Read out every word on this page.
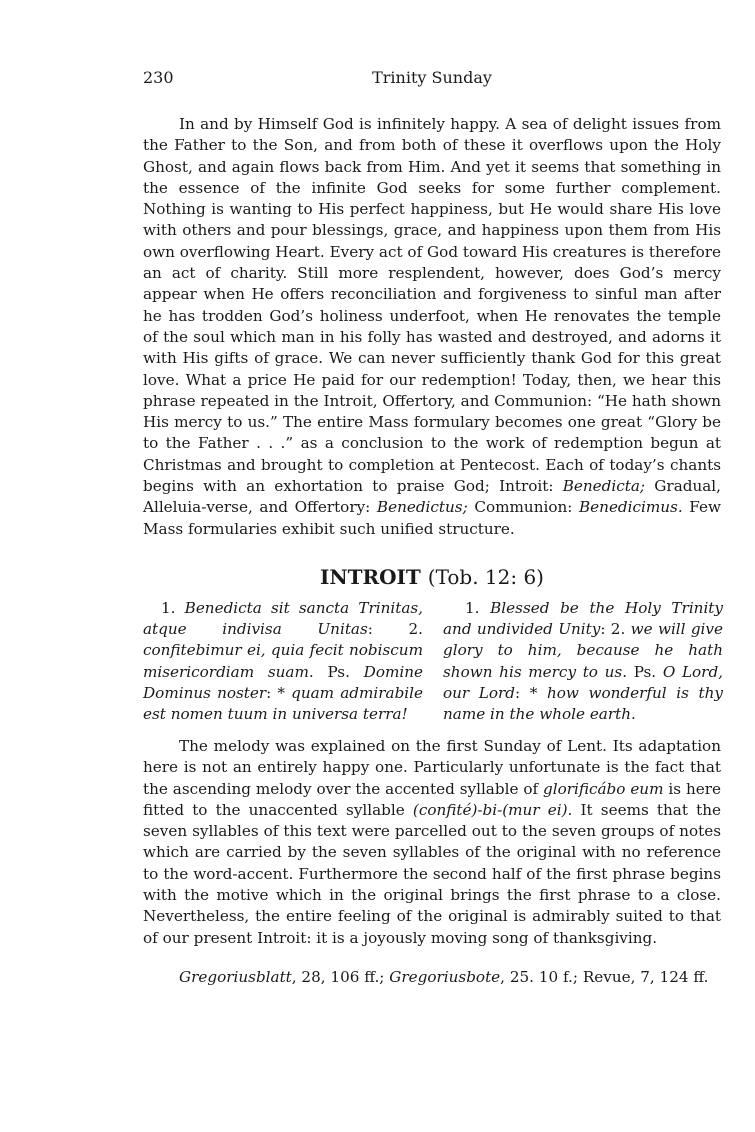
230	Trinity Sunday

In and by Himself God is infinitely happy. A sea of delight issues from the Father to the Son, and from both of these it overflows upon the Holy Ghost, and again flows back from Him. And yet it seems that something in the essence of the infinite God seeks for some further complement. Nothing is wanting to His perfect happiness, but He would share His love with others and pour blessings, grace, and happiness upon them from His own overflowing Heart. Every act of God toward His creatures is therefore an act of charity. Still more resplendent, however, does God’s mercy appear when He offers reconciliation and forgiveness to sinful man after he has trodden God’s holiness underfoot, when He renovates the temple of the soul which man in his folly has wasted and destroyed, and adorns it with His gifts of grace. We can never sufficiently thank God for this great love. What a price He paid for our redemption! Today, then, we hear this phrase repeated in the Introit, Offertory, and Communion: “He hath shown His mercy to us.” The entire Mass formulary becomes one great “Glory be to the Father . . .” as a conclusion to the work of redemption begun at Christmas and brought to completion at Pentecost. Each of today’s chants begins with an exhortation to praise God; Introit: Benedicta; Gradual, Alleluia-verse, and Offertory: Benedictus; Communion: Benedicimus. Few Mass formularies exhibit such unified structure.

INTROIT (Tob. 12: 6)

1. Benedicta sit sancta Trinitas, atque indivisa Unitas: 2. confitebimur ei, quia fecit nobiscum misericordiam suam. Ps. Domine Dominus noster: * quam admirabile est nomen tuum in universa terra!

1. Blessed be the Holy Trinity and undivided Unity: 2. we will give glory to him, because he hath shown his mercy to us. Ps. O Lord, our Lord: * how wonderful is thy name in the whole earth.

The melody was explained on the first Sunday of Lent. Its adaptation here is not an entirely happy one. Particularly unfortunate is the fact that the ascending melody over the accented syllable of glorificábo eum is here fitted to the unaccented syllable (confité)-bi-(mur ei). It seems that the seven syllables of this text were parcelled out to the seven groups of notes which are carried by the seven syllables of the original with no reference to the word-accent. Furthermore the second half of the first phrase begins with the motive which in the original brings the first phrase to a close. Nevertheless, the entire feeling of the original is admirably suited to that of our present Introit: it is a joyously moving song of thanksgiving.

Gregoriusblatt, 28, 106 ff.; Gregoriusbote, 25. 10 f.; Revue, 7, 124 ff.
